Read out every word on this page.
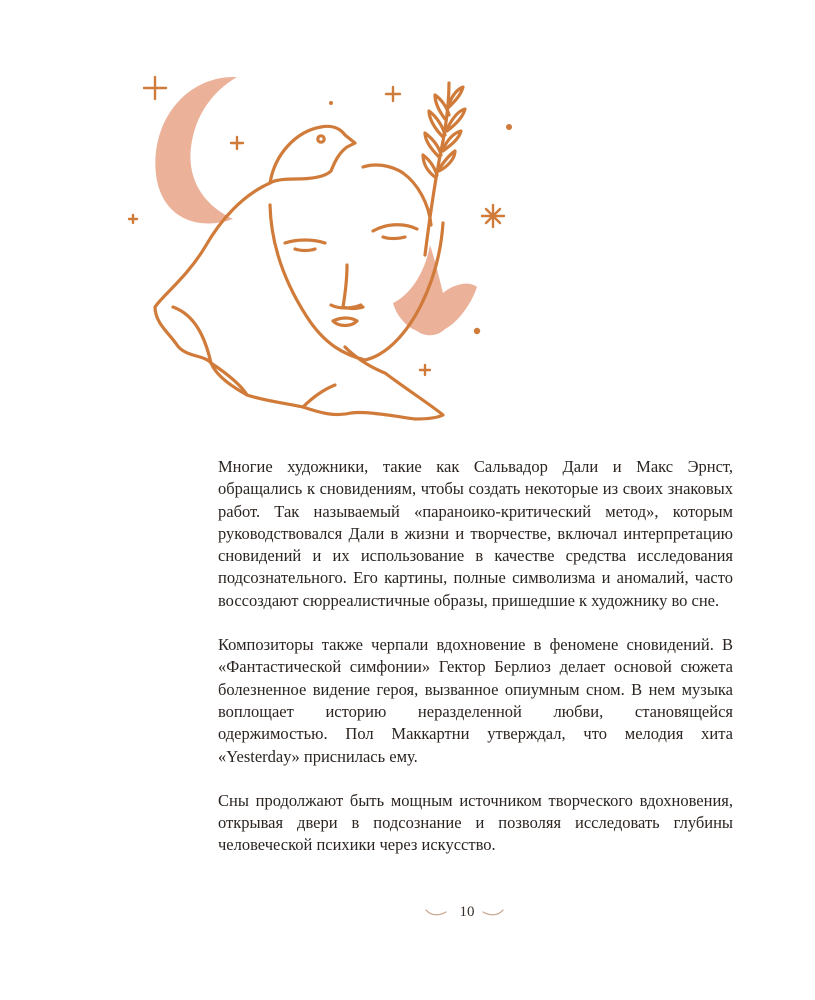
Многие художники, такие как Сальвадор Дали и Макс Эрнст, обращались к сновидениям, чтобы создать некоторые из своих знаковых работ. Так называемый «параноико-критический метод», которым руководствовался Дали в жизни и творчестве, включал интерпретацию сновидений и их использование в качестве средства исследования подсознательного. Его картины, полные символизма и аномалий, часто воссоздают сюрреалистичные образы, пришедшие к художнику во сне.

Композиторы также черпали вдохновение в феномене сновидений. В «Фантастической симфонии» Гектор Берлиоз делает основой сюжета болезненное видение героя, вызванное опиумным сном. В нем музыка воплощает историю неразделенной любви, становящейся одержимостью. Пол Маккартни утверждал, что мелодия хита «Yesterday» приснилась ему.

Сны продолжают быть мощным источником творческого вдохновения, открывая двери в подсознание и позволяя исследовать глубины человеческой психики через искусство.

10
